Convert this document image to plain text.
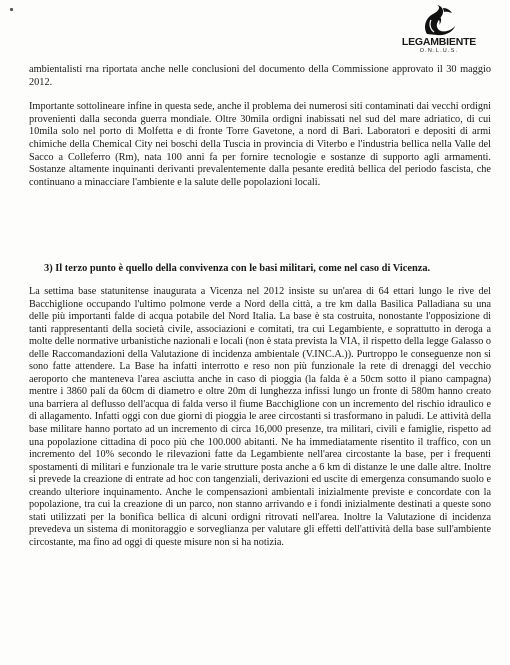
LEGAMBIENTE
O.N.L.U.S.

ambientalisti rna riportata anche nelle conclusioni del documento della Commissione approvato il 30 maggio 2012.

Importante sottolineare infine in questa sede, anche il problema dei numerosi siti contaminati dai vecchi ordigni provenienti dalla seconda guerra mondiale. Oltre 30mila ordigni inabissati nel sud del mare adriatico, di cui 10mila solo nel porto di Molfetta e di fronte Torre Gavetone, a nord di Bari. Laboratori e depositi di armi chimiche della Chemical City nei boschi della Tuscia in provincia di Viterbo e l'industria bellica nella Valle del Sacco a Colleferro (Rm), nata 100 anni fa per fornire tecnologie e sostanze di supporto agli armamenti. Sostanze altamente inquinanti derivanti prevalentemente dalla pesante eredità bellica del periodo fascista, che continuano a minacciare l'ambiente e la salute delle popolazioni locali.

3) Il terzo punto è quello della convivenza con le basi militari, come nel caso di Vicenza.

La settima base statunitense inaugurata a Vicenza nel 2012 insiste su un'area di 64 ettari lungo le rive del Bacchiglione occupando l'ultimo polmone verde a Nord della città, a tre km dalla Basilica Palladiana su una delle più importanti falde di acqua potabile del Nord Italia. La base è sta costruita, nonostante l'opposizione di tanti rappresentanti della società civile, associazioni e comitati, tra cui Legambiente, e soprattutto in deroga a molte delle normative urbanistiche nazionali e locali (non è stata prevista la VIA, il rispetto della legge Galasso o delle Raccomandazioni della Valutazione di incidenza ambientale (V.INC.A.)). Purtroppo le conseguenze non si sono fatte attendere. La Base ha infatti interrotto e reso non più funzionale la rete di drenaggi del vecchio aeroporto che manteneva l'area asciutta anche in caso di pioggia (la falda è a 50cm sotto il piano campagna) mentre i 3860 pali da 60cm di diametro e oltre 20m di lunghezza infissi lungo un fronte di 580m hanno creato una barriera al deflusso dell'acqua di falda verso il fiume Bacchiglione con un incremento del rischio idraulico e di allagamento. Infatti oggi con due giorni di pioggia le aree circostanti si trasformano in paludi. Le attività della base militare hanno portato ad un incremento di circa 16,000 presenze, tra militari, civili e famiglie, rispetto ad una popolazione cittadina di poco più che 100.000 abitanti. Ne ha immediatamente risentito il traffico, con un incremento del 10% secondo le rilevazioni fatte da Legambiente nell'area circostante la base, per i frequenti spostamenti di militari e funzionale tra le varie strutture posta anche a 6 km di distanze le une dalle altre. Inoltre si prevede la creazione di entrate ad hoc con tangenziali, derivazioni ed uscite di emergenza consumando suolo e creando ulteriore inquinamento. Anche le compensazioni ambientali inizialmente previste e concordate con la popolazione, tra cui la creazione di un parco, non stanno arrivando e i fondi inizialmente destinati a queste sono stati utilizzati per la bonifica bellica di alcuni ordigni ritrovati nell'area. Inoltre la Valutazione di incidenza prevedeva un sistema di monitoraggio e sorveglianza per valutare gli effetti dell'attività della base sull'ambiente circostante, ma fino ad oggi di queste misure non si ha notizia.
